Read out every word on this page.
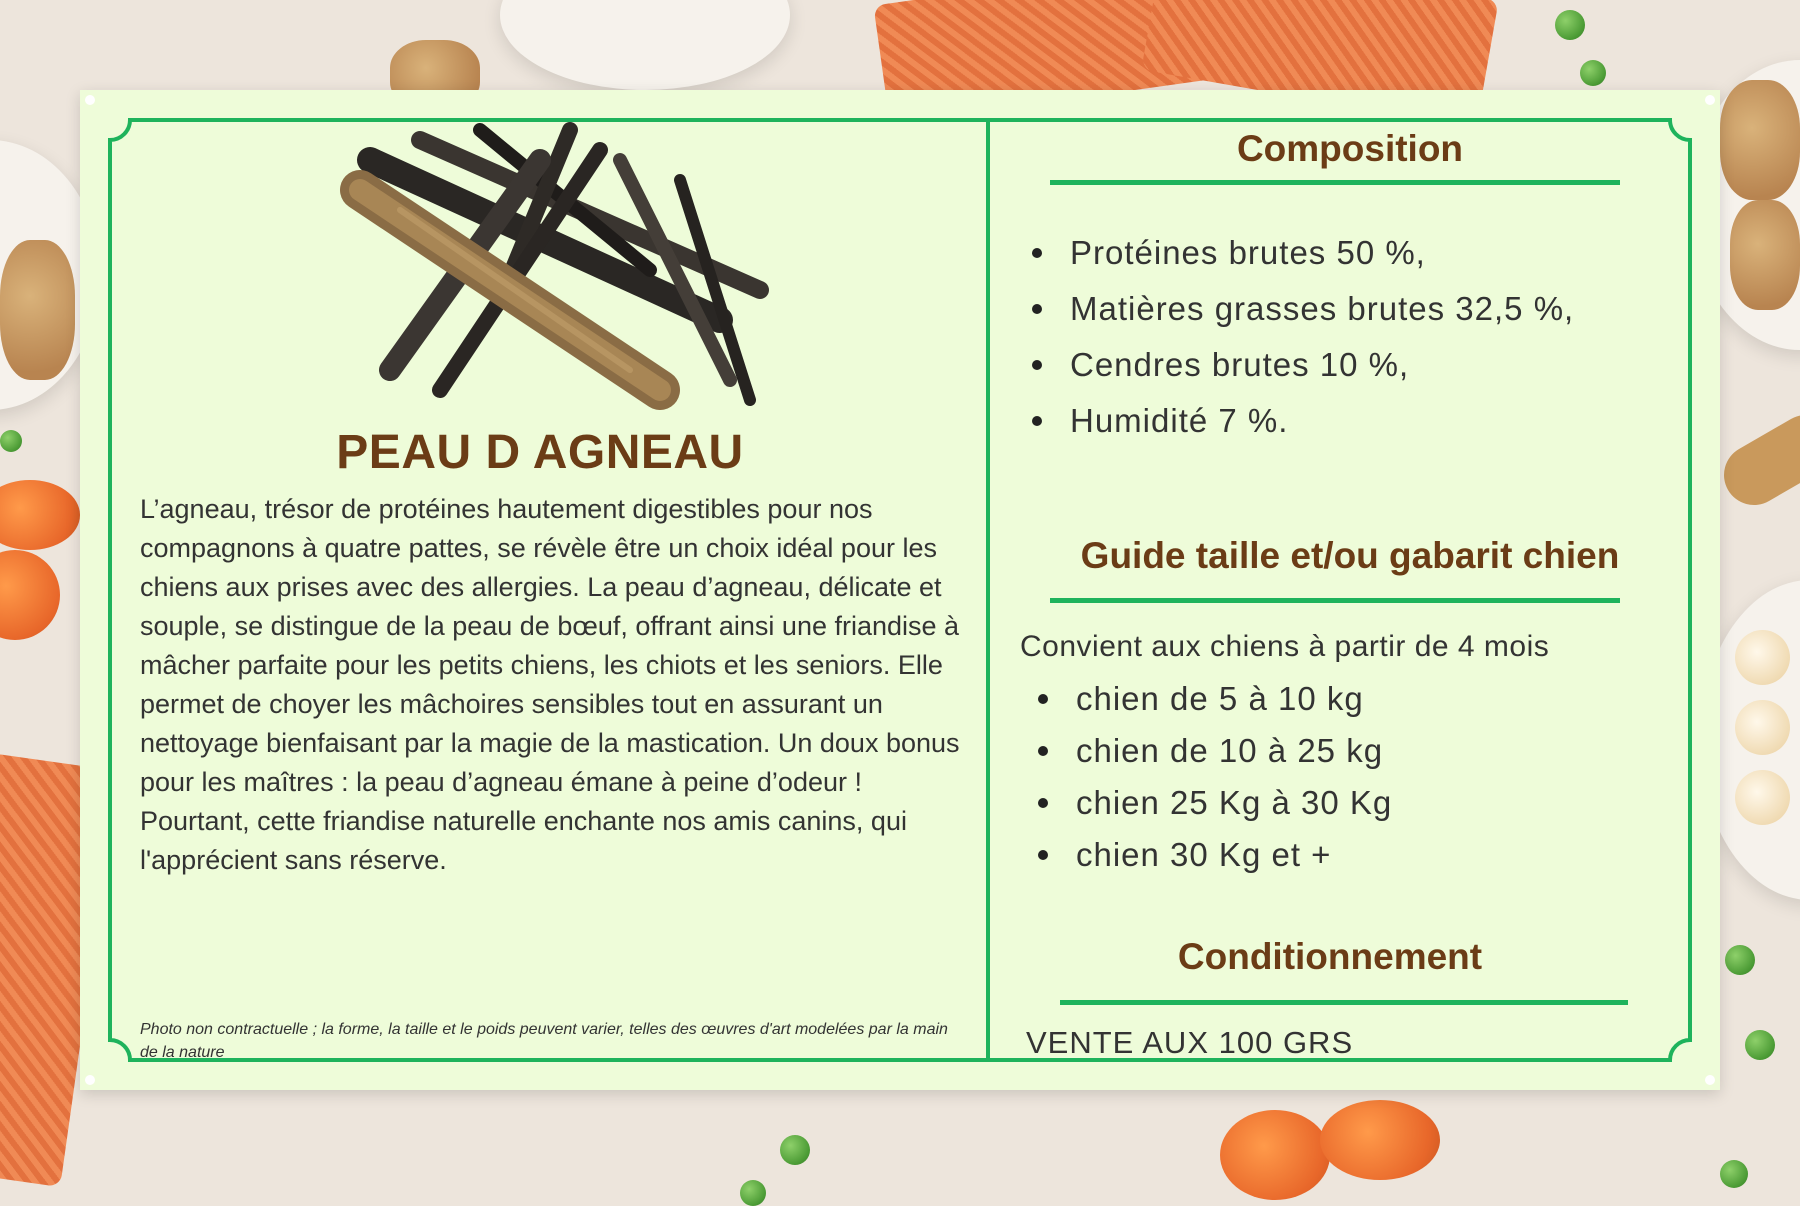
PEAU D AGNEAU
L’agneau, trésor de protéines hautement digestibles pour nos compagnons à quatre pattes, se révèle être un choix idéal pour les chiens aux prises avec des allergies. La peau d’agneau, délicate et souple, se distingue de la peau de bœuf, offrant ainsi une friandise à mâcher parfaite pour les petits chiens, les chiots et les seniors. Elle permet de choyer les mâchoires sensibles tout en assurant un nettoyage bienfaisant par la magie de la mastication. Un doux bonus pour les maîtres : la peau d’agneau émane à peine d’odeur ! Pourtant, cette friandise naturelle enchante nos amis canins, qui l'apprécient sans réserve.
Photo non contractuelle ; la forme, la taille et le poids peuvent varier, telles des œuvres d'art modelées par la main de la nature
Composition
Protéines brutes 50 %,
Matières grasses brutes 32,5 %,
Cendres brutes 10 %,
Humidité 7 %.
Guide taille et/ou gabarit chien
Convient aux chiens à partir de 4 mois
chien de 5 à 10 kg
chien de 10 à 25 kg
chien 25 Kg à 30 Kg
chien 30 Kg et +
Conditionnement
VENTE AUX 100 GRS
